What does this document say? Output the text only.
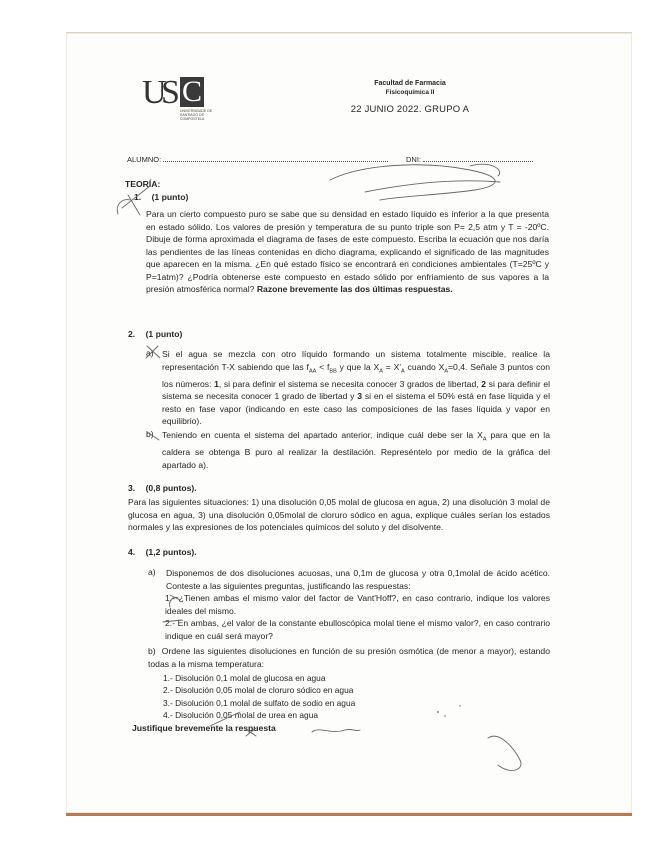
U
S C
UNIVERSIDADE DE SANTIAGO DE COMPOSTELA
Facultad de Farmacia
Fisicoquímica II
22 JUNIO 2022. GRUPO A
ALUMNO:	DNI:
TEORÍA:
1. (1 punto)

Para un cierto compuesto puro se sabe que su densidad en estado líquido es inferior a la que presenta en estado sólido. Los valores de presión y temperatura de su punto triple son P= 2,5 atm y T = -20ºC. Dibuje de forma aproximada el diagrama de fases de este compuesto. Escriba la ecuación que nos daría las pendientes de las líneas contenidas en dicho diagrama, explicando el significado de las magnitudes que aparecen en la misma. ¿En qué estado físico se encontrará en condiciones ambientales (T=25ºC y P=1atm)? ¿Podría obtenerse este compuesto en estado sólido por enfriamiento de sus vapores a la presión atmosférica normal? Razone brevemente las dos últimas respuestas.

2. (1 punto)
a) Si el agua se mezcla con otro líquido formando un sistema totalmente miscible, realice la representación T-X sabiendo que las $f_{AA} < f_{BB}$ y que la $X_A = X'_A$ cuando $X_A=0,4$. Señale 3 puntos con los números: 1, si para definir el sistema se necesita conocer 3 grados de libertad, 2 si para definir el sistema se necesita conocer 1 grado de libertad y 3 si en el sistema el 50% está en fase líquida y el resto en fase vapor (indicando en este caso las composiciones de las fases líquida y vapor en equilibrio).

b) Teniendo en cuenta el sistema del apartado anterior, indique cuál debe ser la $X_A$ para que en la caldera se obtenga B puro al realizar la destilación. Represéntelo por medio de la gráfica del apartado a).

3. (0,8 puntos).

Para las siguientes situaciones: 1) una disolución 0,05 molal de glucosa en agua, 2) una disolución 3 molal de glucosa en agua, 3) una disolución 0,05molal de cloruro sódico en agua, explique cuáles serían los estados normales y las expresiones de los potenciales químicos del soluto y del disolvente.

4. (1,2 puntos).
a)	Disponemos de dos disoluciones acuosas, una 0,1m de glucosa y otra 0,1molal de ácido acético. Conteste a las siguientes preguntas, justificando las respuestas:

1.- ¿Tienen ambas el mismo valor del factor de Vant'Hoff?, en caso contrario, indique los valores ideales del mismo.

2.- En ambas, ¿el valor de la constante ebulloscópica molal tiene el mismo valor?, en caso contrario indique en cuál será mayor?

b) Ordene las siguientes disoluciones en función de su presión osmótica (de menor a mayor), estando todas a la misma temperatura:

1.- Disolución 0,1 molal de glucosa en agua
2.- Disolución 0,05 molal de cloruro sódico en agua
3.- Disolución 0,1 molal de sulfato de sodio en agua
4.- Disolución 0,05 molal de urea en agua
Justifique brevemente la respuesta
